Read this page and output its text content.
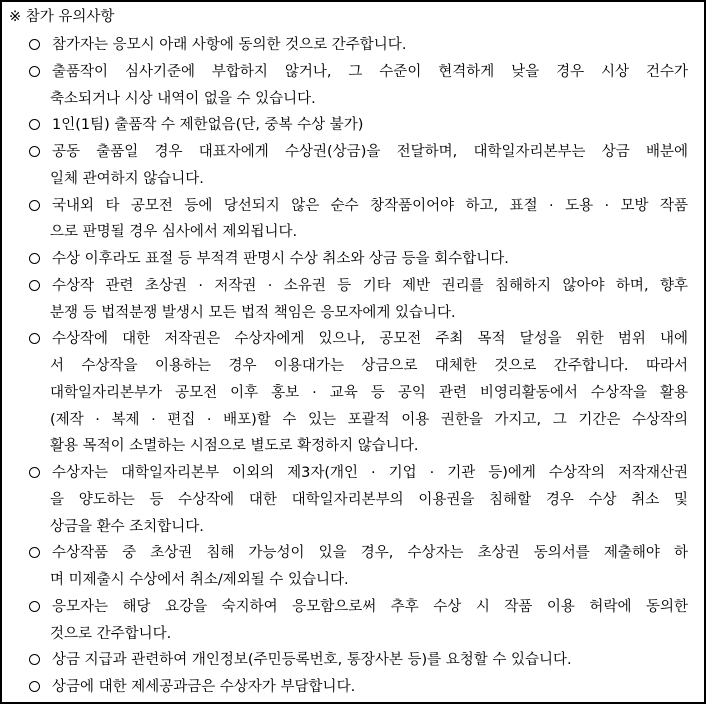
※ 참가 유의사항
참가자는 응모시 아래 사항에 동의한 것으로 간주합니다.
출품작이 심사기준에 부합하지 않거나, 그 수준이 현격하게 낮을 경우 시상 건수가
축소되거나 시상 내역이 없을 수 있습니다.
1인(1팀) 출품작 수 제한없음(단, 중복 수상 불가)
공동 출품일 경우 대표자에게 수상권(상금)을 전달하며, 대학일자리본부는 상금 배분에
일체 관여하지 않습니다.
국내외 타 공모전 등에 당선되지 않은 순수 창작품이어야 하고, 표절 · 도용 · 모방 작품
으로 판명될 경우 심사에서 제외됩니다.
수상 이후라도 표절 등 부적격 판명시 수상 취소와 상금 등을 회수합니다.
수상작 관련 초상권 · 저작권 · 소유권 등 기타 제반 권리를 침해하지 않아야 하며, 향후
분쟁 등 법적분쟁 발생시 모든 법적 책임은 응모자에게 있습니다.
수상작에 대한 저작권은 수상자에게 있으나, 공모전 주최 목적 달성을 위한 범위 내에
서 수상작을 이용하는 경우 이용대가는 상금으로 대체한 것으로 간주합니다. 따라서
대학일자리본부가 공모전 이후 홍보 · 교육 등 공익 관련 비영리활동에서 수상작을 활용
(제작 · 복제 · 편집 · 배포)할 수 있는 포괄적 이용 권한을 가지고, 그 기간은 수상작의
활용 목적이 소멸하는 시점으로 별도로 확정하지 않습니다.
수상자는 대학일자리본부 이외의 제3자(개인 · 기업 · 기관 등)에게 수상작의 저작재산권
을 양도하는 등 수상작에 대한 대학일자리본부의 이용권을 침해할 경우 수상 취소 및
상금을 환수 조치합니다.
수상작품 중 초상권 침해 가능성이 있을 경우, 수상자는 초상권 동의서를 제출해야 하
며 미제출시 수상에서 취소/제외될 수 있습니다.
응모자는 해당 요강을 숙지하여 응모함으로써 추후 수상 시 작품 이용 허락에 동의한
것으로 간주합니다.
상금 지급과 관련하여 개인정보(주민등록번호, 통장사본 등)를 요청할 수 있습니다.
상금에 대한 제세공과금은 수상자가 부담합니다.
